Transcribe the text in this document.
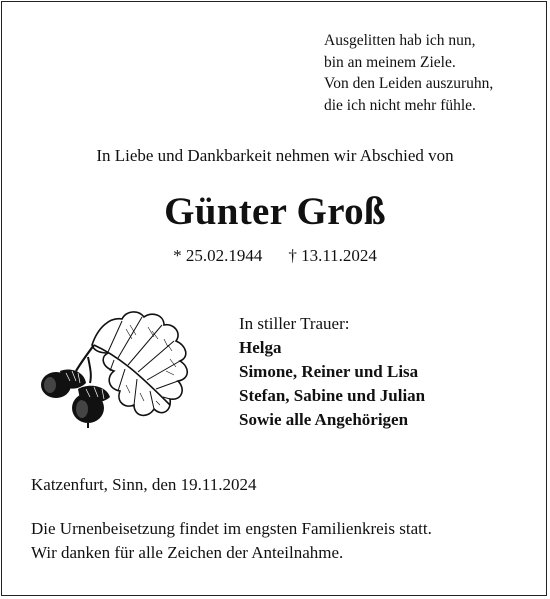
Ausgelitten hab ich nun,
bin an meinem Ziele.
Von den Leiden auszuruhn,
die ich nicht mehr fühle.
In Liebe und Dankbarkeit nehmen wir Abschied von
Günter Groß
* 25.02.1944 † 13.11.2024
In stiller Trauer:
Helga
Simone, Reiner und Lisa
Stefan, Sabine und Julian
Sowie alle Angehörigen
Katzenfurt, Sinn, den 19.11.2024
Die Urnenbeisetzung findet im engsten Familienkreis statt.
Wir danken für alle Zeichen der Anteilnahme.
